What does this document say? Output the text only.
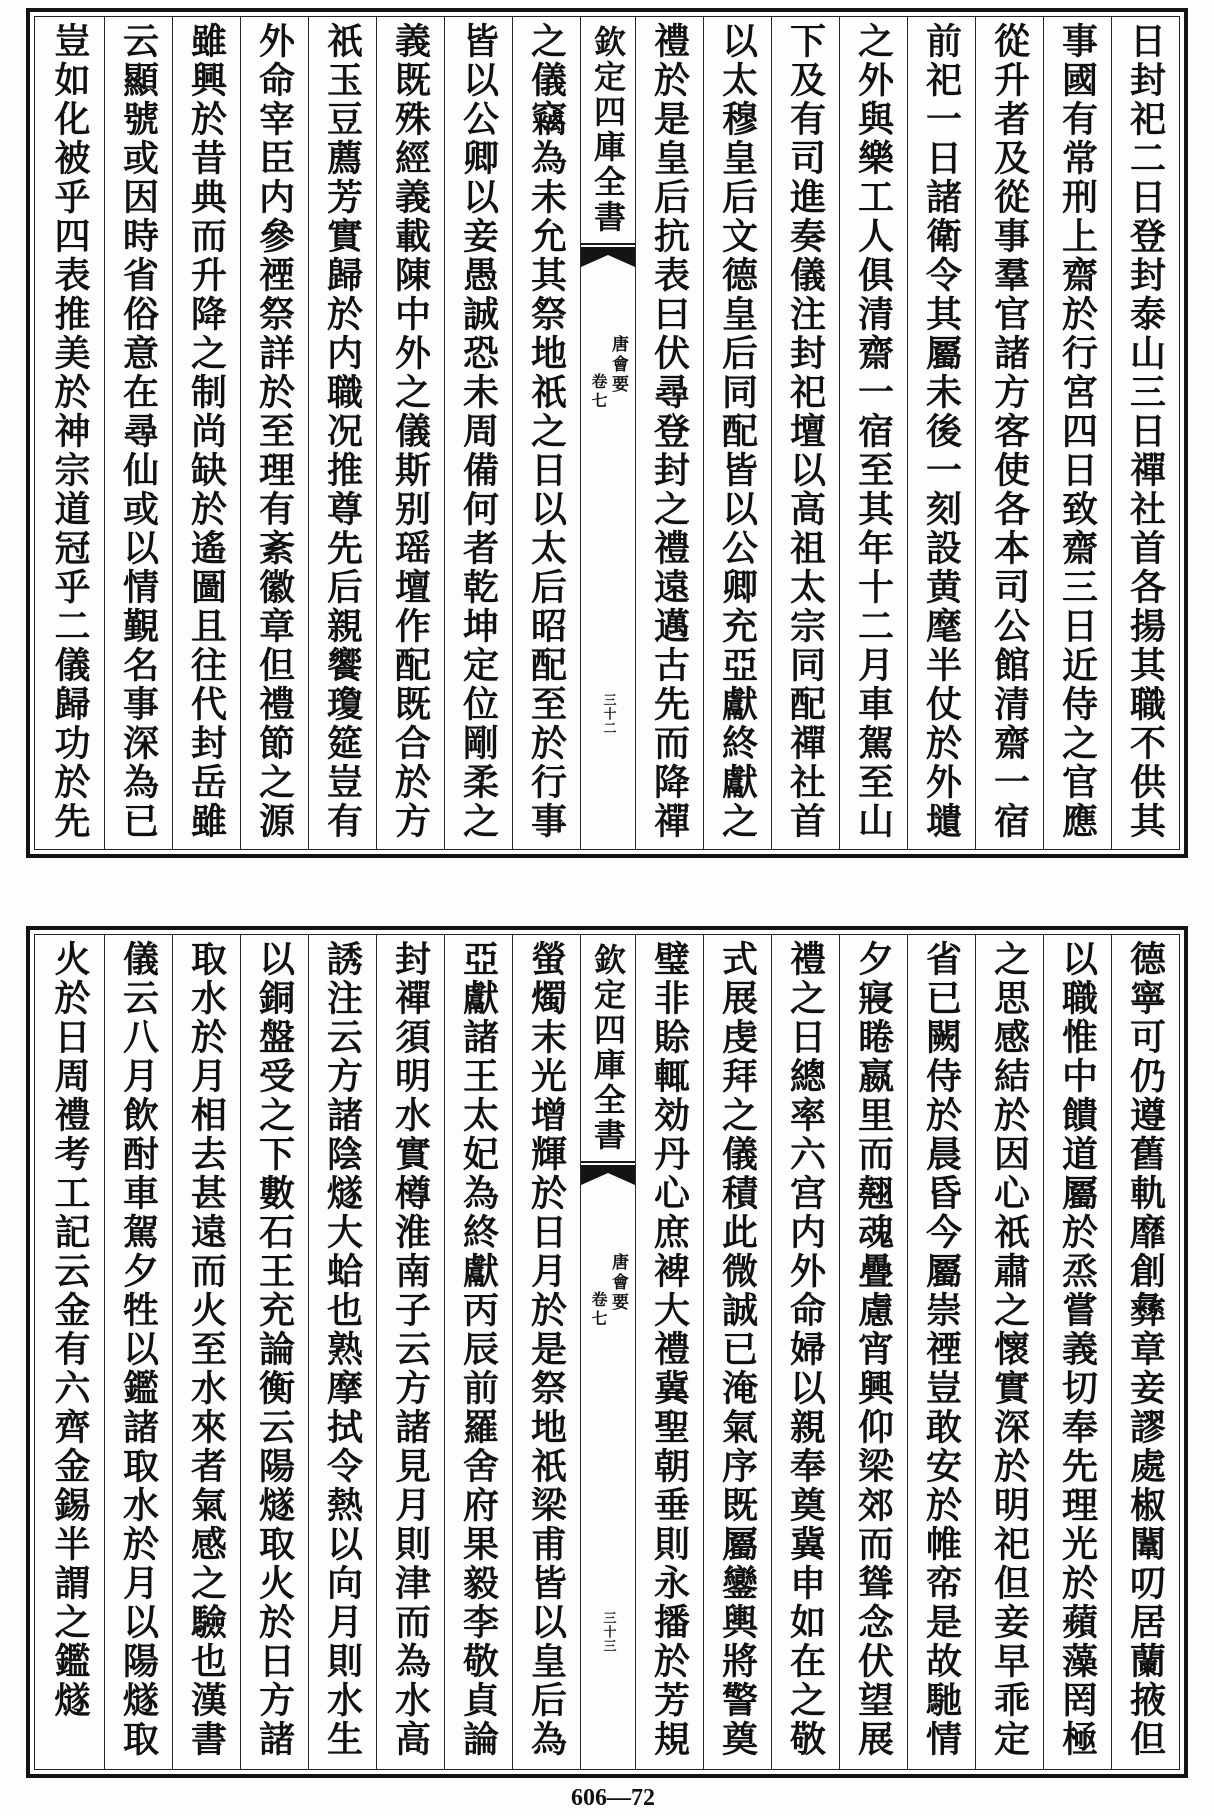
日封祀二日登封泰山三日禪社首各揚其職不供其
事國有常刑上齋於行宮四日致齋三日近侍之官應
從升者及從事羣官諸方客使各本司公館清齋一宿
前祀一日諸衛令其屬未後一刻設黄麾半仗於外壝
之外與樂工人俱清齋一宿至其年十二月車駕至山
下及有司進奏儀注封祀壇以高祖太宗同配禪社首
以太穆皇后文德皇后同配皆以公卿充亞獻終獻之
禮於是皇后抗表曰伏尋登封之禮遠邁古先而降禪
欽定四庫全書
唐會要
卷七
三十二
之儀竊為未允其祭地祇之日以太后昭配至於行事
皆以公卿以妾愚誠恐未周備何者乾坤定位剛柔之
義既殊經義載陳中外之儀斯别瑶壇作配既合於方
祇玉豆薦芳實歸於内職况推尊先后親饗瓊筵豈有
外命宰臣内參禋祭詳於至理有紊徽章但禮節之源
雖興於昔典而升降之制尚缺於遙圖且往代封岳雖
云顯號或因時省俗意在尋仙或以情覲名事深為已
豈如化被乎四表推美於神宗道冠乎二儀歸功於先
德寧可仍遵舊軌靡創彝章妾謬處椒闈叨居蘭掖但
以職惟中饋道屬於烝嘗義切奉先理光於蘋藻罔極
之思感結於因心祇肅之懷實深於明祀但妾早乖定
省已闕侍於晨昏今屬崇禋豈敢安於帷帟是故馳情
夕寢睠嬴里而翹魂疊慮宵興仰梁郊而聳念伏望展
禮之日總率六宫内外命婦以親奉奠冀申如在之敬
式展虔拜之儀積此微誠已淹氣序既屬鑾輿將警奠
璧非賒輒効丹心庶裨大禮冀聖朝垂則永播於芳規
欽定四庫全書
唐會要
卷七
三十三
螢燭末光增輝於日月於是祭地祇梁甫皆以皇后為
亞獻諸王太妃為終獻丙辰前羅舍府果毅李敬貞論
封禪須明水實樽淮南子云方諸見月則津而為水高
誘注云方諸陰燧大蛤也熟摩拭令熱以向月則水生
以銅盤受之下數石王充論衡云陽燧取火於日方諸
取水於月相去甚遠而火至水來者氣感之驗也漢書
儀云八月飲酎車駕夕牲以鑑諸取水於月以陽燧取
火於日周禮考工記云金有六齊金錫半謂之鑑燧
606—72
